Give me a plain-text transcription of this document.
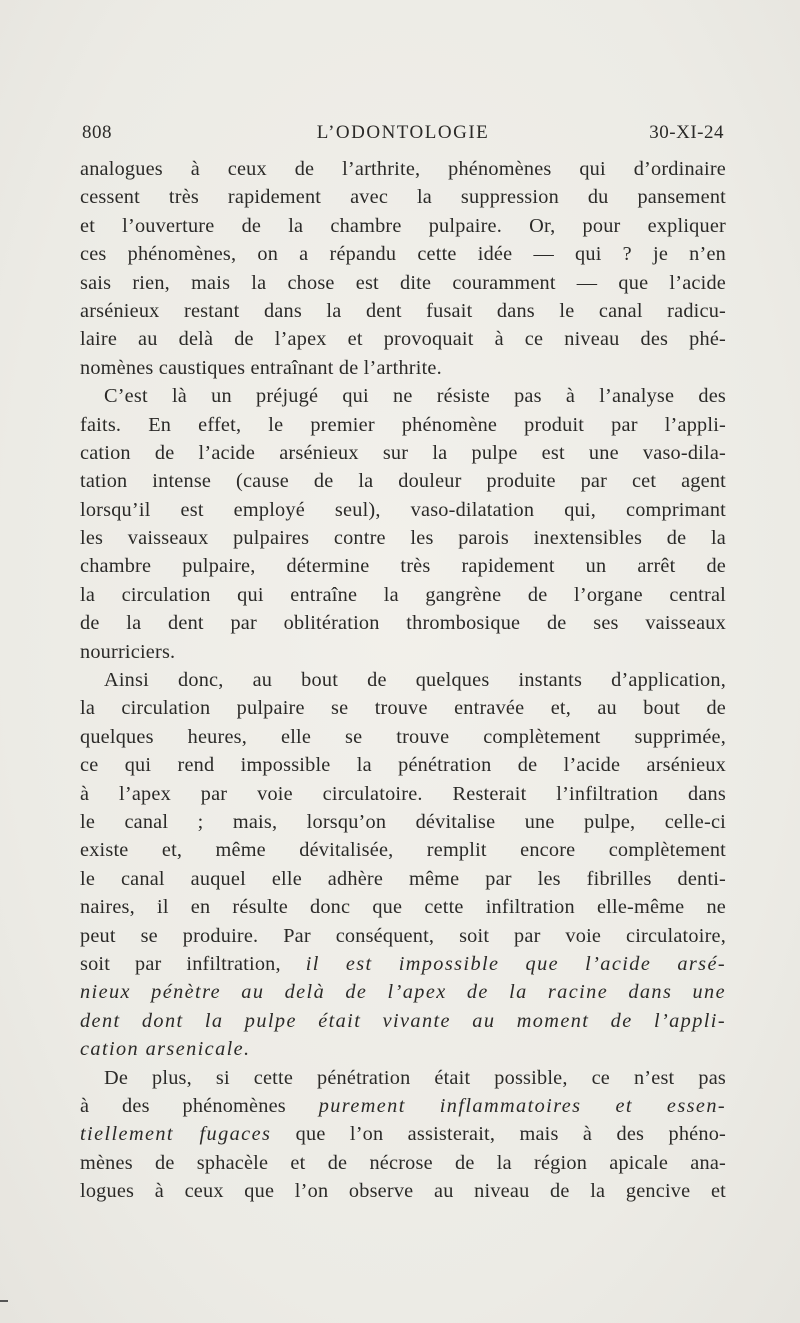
808	L’ODONTOLOGIE	30-XI-24
analogues à ceux de l’arthrite, phénomènes qui d’ordinaire
cessent très rapidement avec la suppression du pansement
et l’ouverture de la chambre pulpaire. Or, pour expliquer
ces phénomènes, on a répandu cette idée — qui ? je n’en
sais rien, mais la chose est dite couramment — que l’acide
arsénieux restant dans la dent fusait dans le canal radicu-
laire au delà de l’apex et provoquait à ce niveau des phé-
nomènes caustiques entraînant de l’arthrite.
C’est là un préjugé qui ne résiste pas à l’analyse des
faits. En effet, le premier phénomène produit par l’appli-
cation de l’acide arsénieux sur la pulpe est une vaso-dila-
tation intense (cause de la douleur produite par cet agent
lorsqu’il est employé seul), vaso-dilatation qui, comprimant
les vaisseaux pulpaires contre les parois inextensibles de la
chambre pulpaire, détermine très rapidement un arrêt de
la circulation qui entraîne la gangrène de l’organe central
de la dent par oblitération thrombosique de ses vaisseaux
nourriciers.
Ainsi donc, au bout de quelques instants d’application,
la circulation pulpaire se trouve entravée et, au bout de
quelques heures, elle se trouve complètement supprimée,
ce qui rend impossible la pénétration de l’acide arsénieux
à l’apex par voie circulatoire. Resterait l’infiltration dans
le canal ; mais, lorsqu’on dévitalise une pulpe, celle-ci
existe et, même dévitalisée, remplit encore complètement
le canal auquel elle adhère même par les fibrilles denti-
naires, il en résulte donc que cette infiltration elle-même ne
peut se produire. Par conséquent, soit par voie circulatoire,
soit par infiltration, il est impossible que l’acide arsé-
nieux pénètre au delà de l’apex de la racine dans une
dent dont la pulpe était vivante au moment de l’appli-
cation arsenicale.
De plus, si cette pénétration était possible, ce n’est pas
à des phénomènes purement inflammatoires et essen-
tiellement fugaces que l’on assisterait, mais à des phéno-
mènes de sphacèle et de nécrose de la région apicale ana-
logues à ceux que l’on observe au niveau de la gencive et
